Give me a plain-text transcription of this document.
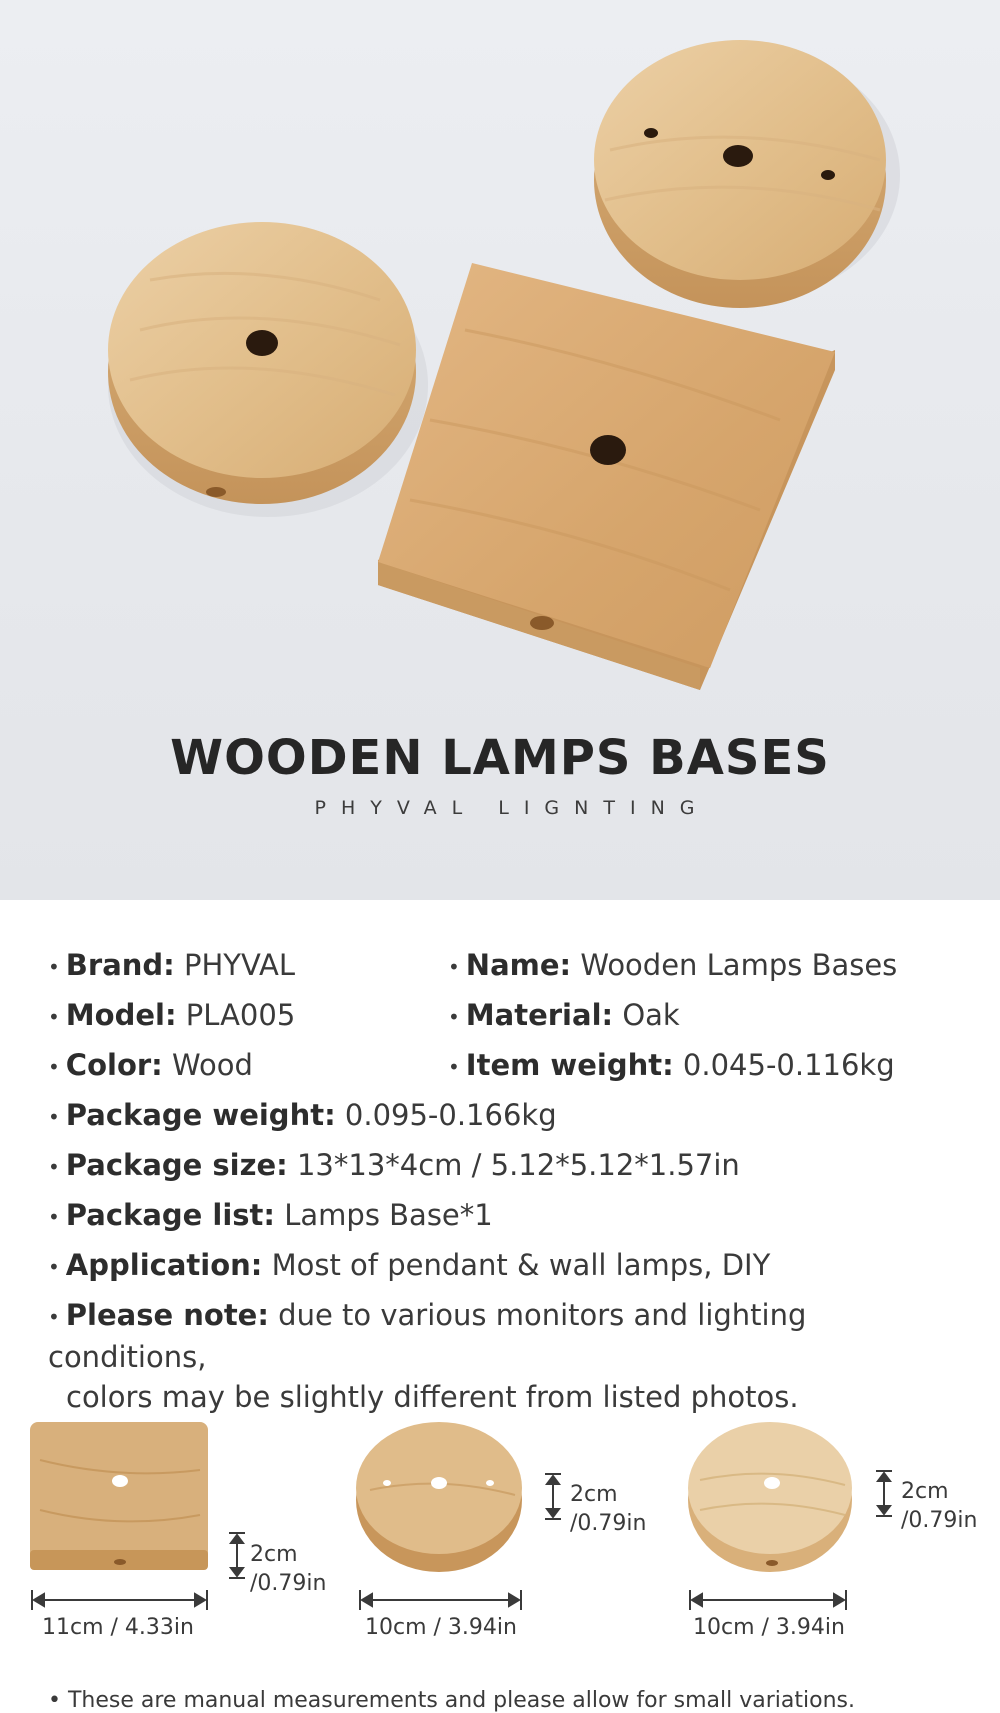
WOODEN LAMPS BASES
PHYVAL LIGNTING
• Brand: PHYVAL	• Name: Wooden Lamps Bases
• Model: PLA005	• Material: Oak
• Color: Wood	• Item weight: 0.045-0.116kg
• Package weight: 0.095-0.166kg
• Package size: 13*13*4cm / 5.12*5.12*1.57in
• Package list: Lamps Base*1
• Application: Most of pendant & wall lamps, DIY
• Please note: due to various monitors and lighting conditions,
colors may be slightly different from listed photos.
2cm
/0.79in
11cm / 4.33in
2cm
/0.79in
10cm / 3.94in
2cm
/0.79in
10cm / 3.94in
• These are manual measurements and please allow for small variations.
